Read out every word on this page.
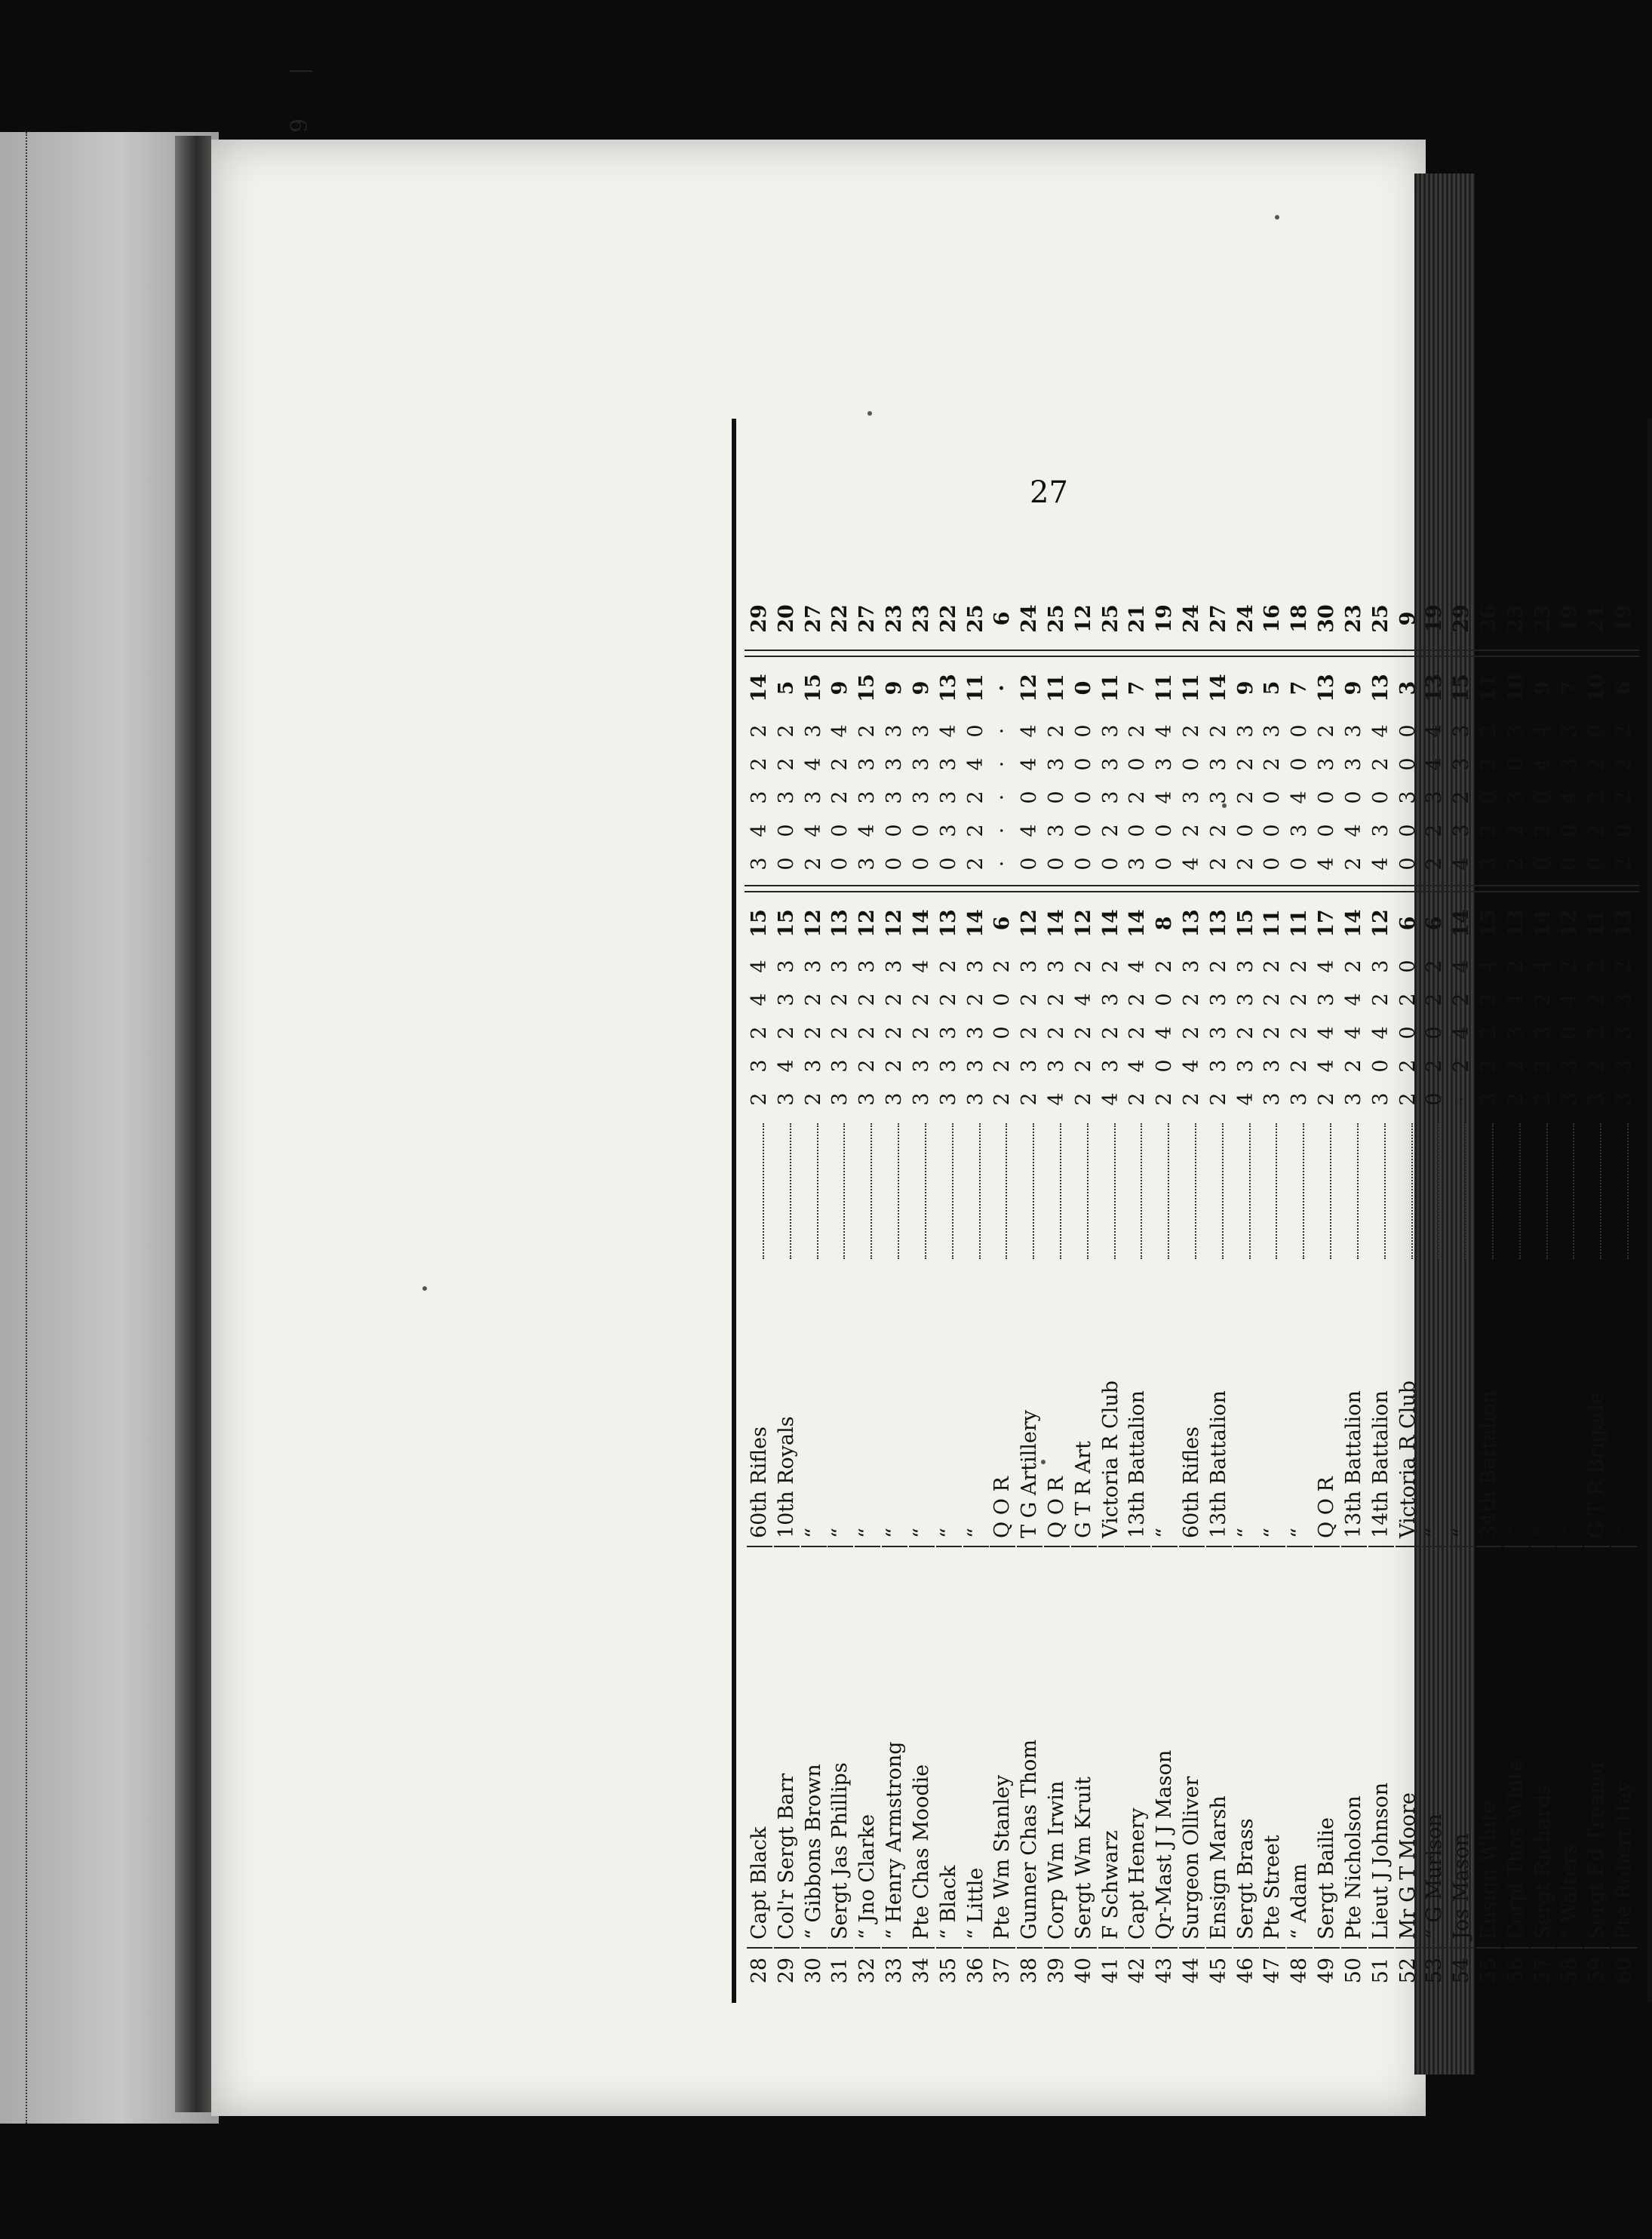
27
28
Capt Black
60th Rifles
2
3
2
4
4
15
3
4
3
2
2
14
29
29
Col'r Sergt Barr
10th Royals
3
4
2
3
3
15
0
0
3
2
2
5
20
30
“ Gibbons Brown
“
2
3
2
2
3
12
2
4
3
4
3
15
27
31
Sergt Jas Phillips
“
3
3
2
2
3
13
0
0
2
2
4
9
22
32
“ Jno Clarke
“
3
2
2
2
3
12
3
4
3
3
2
15
27
33
“ Henry Armstrong
“
3
2
2
2
3
12
0
0
3
3
3
9
23
34
Pte Chas Moodie
“
3
3
2
2
4
14
0
0
3
3
3
9
23
35
“ Black
“
3
3
3
2
2
13
0
3
3
3
4
13
22
36
“ Little
“
3
3
3
2
3
14
2
2
2
4
0
11
25
37
Pte Wm Stanley
Q O R
2
2
0
0
2
6
·
·
·
·
·
·
6
38
Gunner Chas Thom
T G Artillery
2
3
2
2
3
12
0
4
0
4
4
12
24
39
Corp Wm Irwin
Q O R
4
3
2
2
3
14
0
3
0
3
2
11
25
40
Sergt Wm Kruit
G T R Art
2
2
2
4
2
12
0
0
0
0
0
0
12
41
F Schwarz
Victoria R Club
4
3
2
3
2
14
0
2
3
3
3
11
25
42
Capt Henery
13th Battalion
2
4
2
2
4
14
3
0
2
0
2
7
21
43
Qr-Mast J J Mason
“
2
0
4
0
2
8
0
0
4
3
4
11
19
44
Surgeon Olliver
60th Rifles
2
4
2
2
3
13
4
2
3
0
2
11
24
45
Ensign Marsh
13th Battalion
2
3
3
3
2
13
2
2
3
3
2
14
27
46
Sergt Brass
“
4
3
2
3
3
15
2
0
2
2
3
9
24
47
Pte Street
“
3
3
2
2
2
11
0
0
0
2
3
5
16
48
“ Adam
“
3
2
2
2
2
11
0
3
4
0
0
7
18
49
Sergt Bailie
Q O R
2
4
4
3
4
17
4
0
0
3
2
13
30
50
Pte Nicholson
13th Battalion
3
2
4
4
2
14
2
4
0
3
3
9
23
51
Lieut J Johnson
14th Battalion
3
0
4
2
3
12
4
3
0
2
4
13
25
52
Mr G T Moore
Victoria R Club
2
2
0
2
0
6
0
0
3
0
0
3
9
53
“ G Murison
“
0
2
0
2
2
6
2
2
3
4
4
13
19
54
Jos Mason
“
·
2
4
2
4
14
4
3
2
3
3
15
29
55
Ensign White
34th Battalion
3
3
2
3
4
15
3
3
0
3
2
11
26
56
Corpl Thos White
“
2
2
3
4
2
13
2
2
3
0
3
10
23
57
Sergt Richards
“
2
3
3
2
4
14
0
3
0
4
4
9
23
58
“ Walters
“
3
3
0
4
2
12
0
0
4
3
3
7
19
59
Sergt Ed Treanor
G T R Brigade
3
2
2
2
2
11
0
2
2
2
0
10
21
60
Pte Robert Hay
“
3
3
3
3
2
13
2
0
2
2
2
6
19
